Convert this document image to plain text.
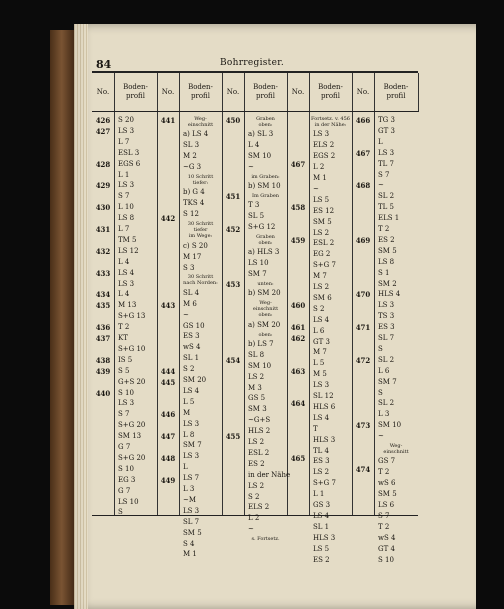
84	Bohrregister.
No.
426
427
428
429
430
431
432
433
434
435
436
437
438
439
440
Boden-
profil
S 20
LS 3
L 7
ESL 3
EGS 6
L 1
LS 3
S 7
L 10
LS 8
L 7
TM 5
LS 12
L 4
LS 4
LS 3
L 4
M 13
S+G 13
T 2
KT
S+G 10
IS 5
S 5
G+S 20
S 10
LS 3
S 7
S+G 20
SM 13
G 7
S+G 20
S 10
EG 3
G 7
LS 10
S
No.
441
442
443
444
445
446
447
448
449
Boden-
profil
Weg-
einschnitt
a) LS 4
SL 3
M 2
~G 3
10 Schritt
tiefer:
b) G 4
TKS 4
S 12
30 Schritt
tiefer
im Wege:
c) S 20
M 17
S 3
30 Schritt
nach Norden:
SL 4
M 6
~
GS 10
ES 3
wS 4
SL 1
S 2
SM 20
LS 4
L 5
M
LS 3
L 8
SM 7
LS 3
L
LS 7
L 3
~M
LS 3
SL 7
SM 5
S 4
M 1
No.
450
451
452
453
454
455
Boden-
profil
Graben
oben:
a) SL 3
L 4
SM 10
~
im Graben:
b) SM 10
Im Graben
T 3
SL 5
S+G 12
Graben
oben:
a) HLS 3
LS 10
SM 7
unten:
b) SM 20
Weg-
einschnitt
oben:
a) SM 20
oben:
b) LS 7
SL 8
SM 10
LS 2
M 3
GS 5
SM 3
~G+S
HLS 2
LS 2
ESL 2
ES 2
in der Nähe
LS 2
S 2
ELS 2
L 2
~
s. Fortsetz.
No.
467
458
459
460
461
462
463
464
465
Boden-
profil
Fortsetz. v. 456
in der Nähe:
LS 3
ELS 2
EGS 2
L 2
M 1
~
LS 5
ES 12
SM 5
LS 2
ESL 2
EG 2
S+G 7
M 7
LS 2
SM 6
S 2
LS 4
L 6
GT 3
M 7
L 5
M 5
LS 3
SL 12
HLS 6
LS 4
T
HLS 3
TL 4
ES 3
LS 2
S+G 7
L 1
GS 3
LS 4
SL 1
HLS 3
LS 5
ES 2
No.
466
467
468
469
470
471
472
473
474
Boden-
profil
TG 3
GT 3
L
LS 3
TL 7
S 7
~
SL 2
TL 5
ELS 1
T 2
ES 2
SM 5
LS 8
S 1
SM 2
HLS 4
LS 3
TS 3
ES 3
SL 7
S
SL 2
L 6
SM 7
S
SL 2
L 3
SM 10
~
Weg-
einschnitt
GS 7
T 2
wS 6
SM 5
LS 6
S 7
T 2
wS 4
GT 4
S 10
